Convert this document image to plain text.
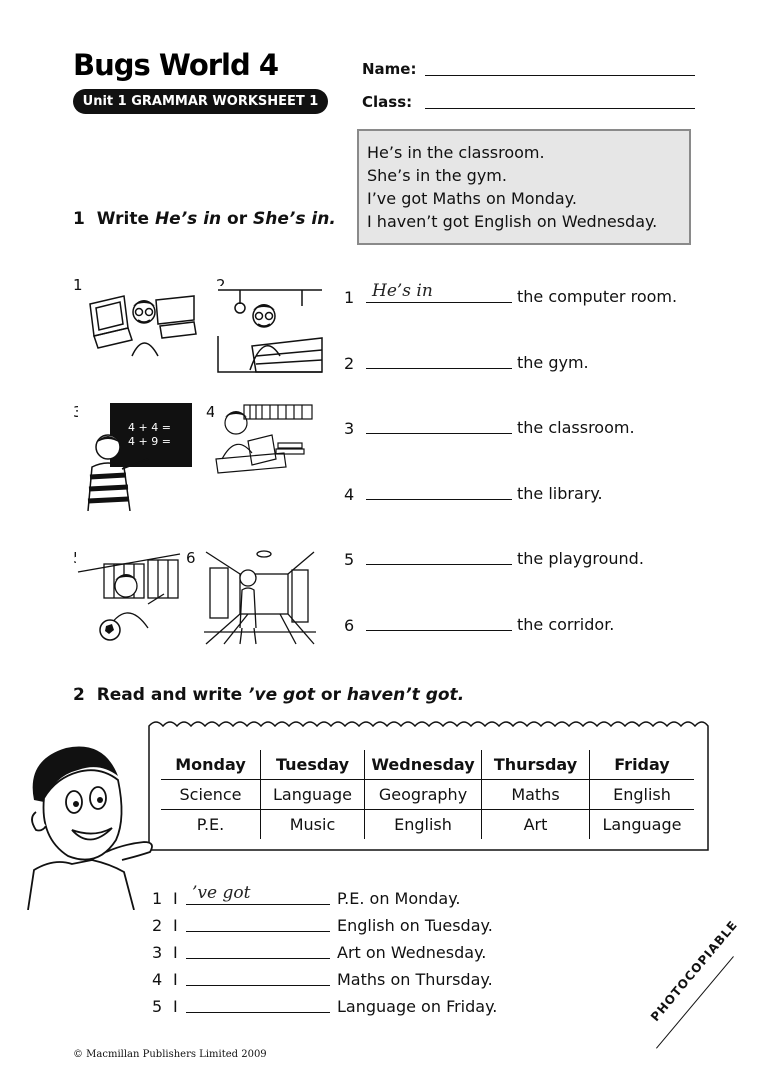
Bugs World 4
Unit 1 GRAMMAR WORKSHEET 1
Name:
Class:
He’s in the classroom.
She’s in the gym.
I’ve got Maths on Monday.
I haven’t got English on Wednesday.
1 Write He’s in or She’s in.
1	2
3	4
5	6
4 + 4 =
4 + 9 =
1 He’s in	the computer room.
2	the gym.
3	the classroom.
4	the library.
5	the playground.
6	the corridor.
2 Read and write ’ve got or haven’t got.
Monday	Tuesday	Wednesday	Thursday	Friday
Science	Language	Geography	Maths	English
P.E.	Music	English	Art	Language
1 I ’ve got	P.E. on Monday.
2 I	English on Tuesday.
3 I	Art on Wednesday.
4 I	Maths on Thursday.
5 I	Language on Friday.
© Macmillan Publishers Limited 2009
PHOTOCOPIABLE
